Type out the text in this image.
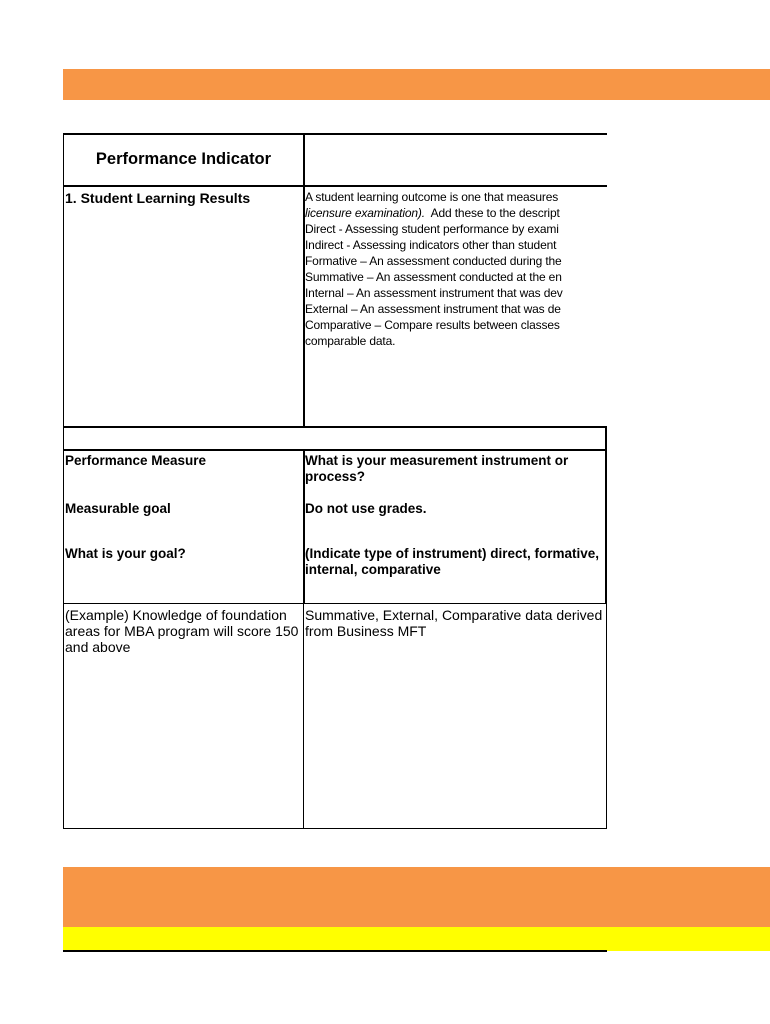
Performance Indicator
1. Student Learning Results	A student learning outcome is one that measures
licensure examination).  Add these to the descript
Direct - Assessing student performance by exami
Indirect - Assessing indicators other than student
Formative – An assessment conducted during the
Summative – An assessment conducted at the en
Internal – An assessment instrument that was dev
External – An assessment instrument that was de
Comparative – Compare results between classes
comparable data.
Performance Measure
Measurable goal
What is your goal?
What is your measurement instrument or process?
Do not use grades.
(Indicate type of instrument) direct, formative, internal, comparative
(Example) Knowledge of foundation areas for MBA program will score 150 and above
Summative, External, Comparative data derived from Business MFT
